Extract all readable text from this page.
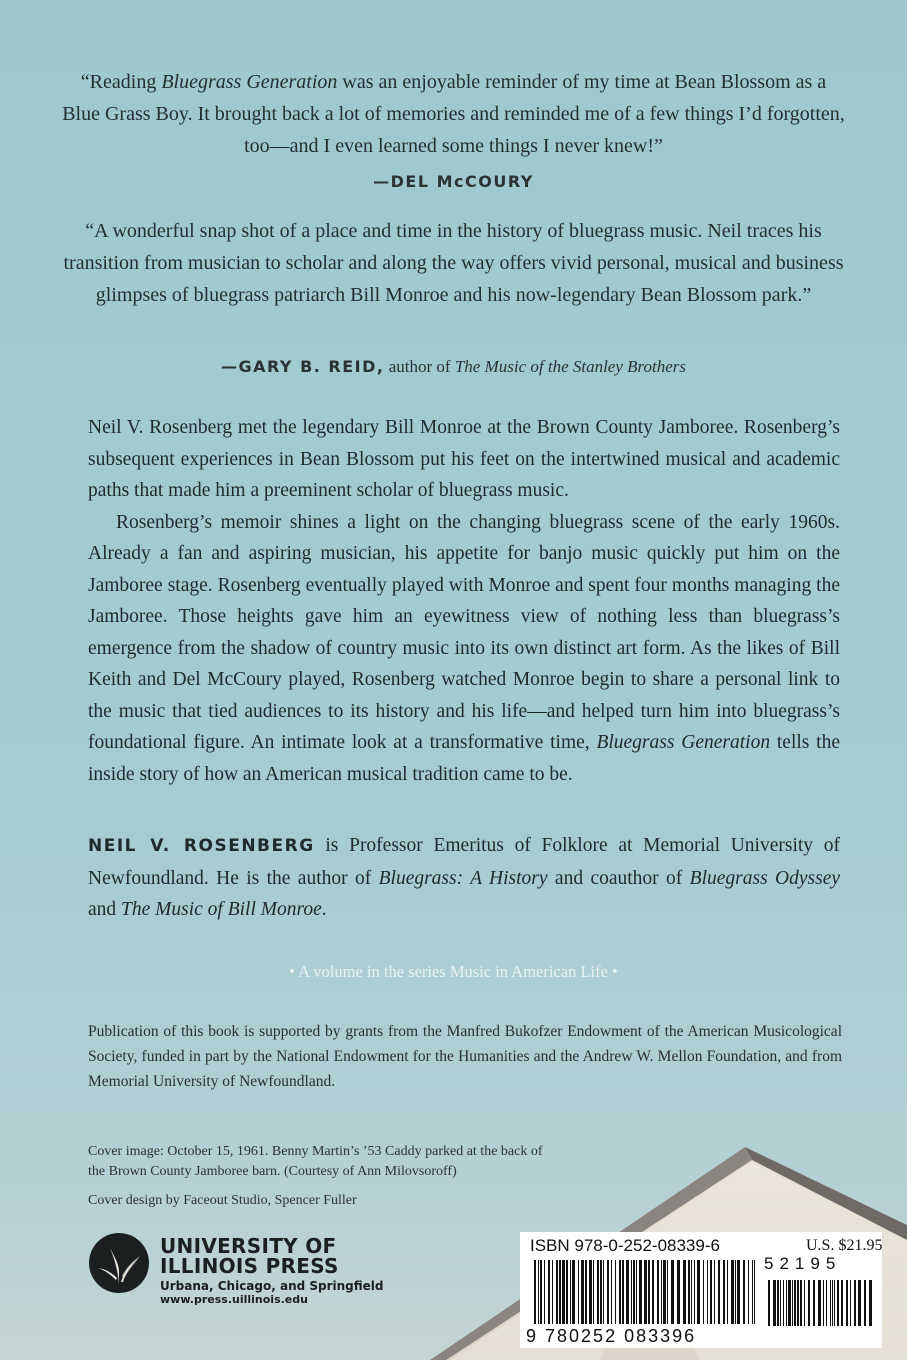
“Reading Bluegrass Generation was an enjoyable reminder of my time at Bean Blossom as a Blue Grass Boy. It brought back a lot of memories and reminded me of a few things I’d forgotten, too—and I even learned some things I never knew!”
—DEL McCOURY
“A wonderful snap shot of a place and time in the history of bluegrass music. Neil traces his transition from musician to scholar and along the way offers vivid personal, musical and business glimpses of bluegrass patriarch Bill Monroe and his now-legendary Bean Blossom park.”
—GARY B. REID, author of The Music of the Stanley Brothers

Neil V. Rosenberg met the legendary Bill Monroe at the Brown County Jamboree. Rosenberg’s subsequent experiences in Bean Blossom put his feet on the intertwined musical and academic paths that made him a preeminent scholar of bluegrass music.

Rosenberg’s memoir shines a light on the changing bluegrass scene of the early 1960s. Already a fan and aspiring musician, his appetite for banjo music quickly put him on the Jamboree stage. Rosenberg eventually played with Monroe and spent four months managing the Jamboree. Those heights gave him an eyewitness view of nothing less than bluegrass’s emergence from the shadow of country music into its own distinct art form. As the likes of Bill Keith and Del McCoury played, Rosenberg watched Monroe begin to share a personal link to the music that tied audiences to its history and his life—and helped turn him into bluegrass’s foundational figure. An intimate look at a transformative time, Bluegrass Generation tells the inside story of how an American musical tradition came to be.

NEIL V. ROSENBERG is Professor Emeritus of Folklore at Memorial University of Newfoundland. He is the author of Bluegrass: A History and coauthor of Bluegrass Odyssey and The Music of Bill Monroe.
• A volume in the series Music in American Life •
Publication of this book is supported by grants from the Manfred Bukofzer Endowment of the American Musicological Society, funded in part by the National Endowment for the Humanities and the Andrew W. Mellon Foundation, and from Memorial University of Newfoundland.
Cover image: October 15, 1961. Benny Martin’s ’53 Caddy parked at the back of the Brown County Jamboree barn. (Courtesy of Ann Milovsoroff)
Cover design by Faceout Studio, Spencer Fuller
UNIVERSITY OF
ILLINOIS PRESS
Urbana, Chicago, and Springfield
www.press.uillinois.edu
ISBN 978-0-252-08339-6	U.S. $21.95
52195
9 780252 083396
